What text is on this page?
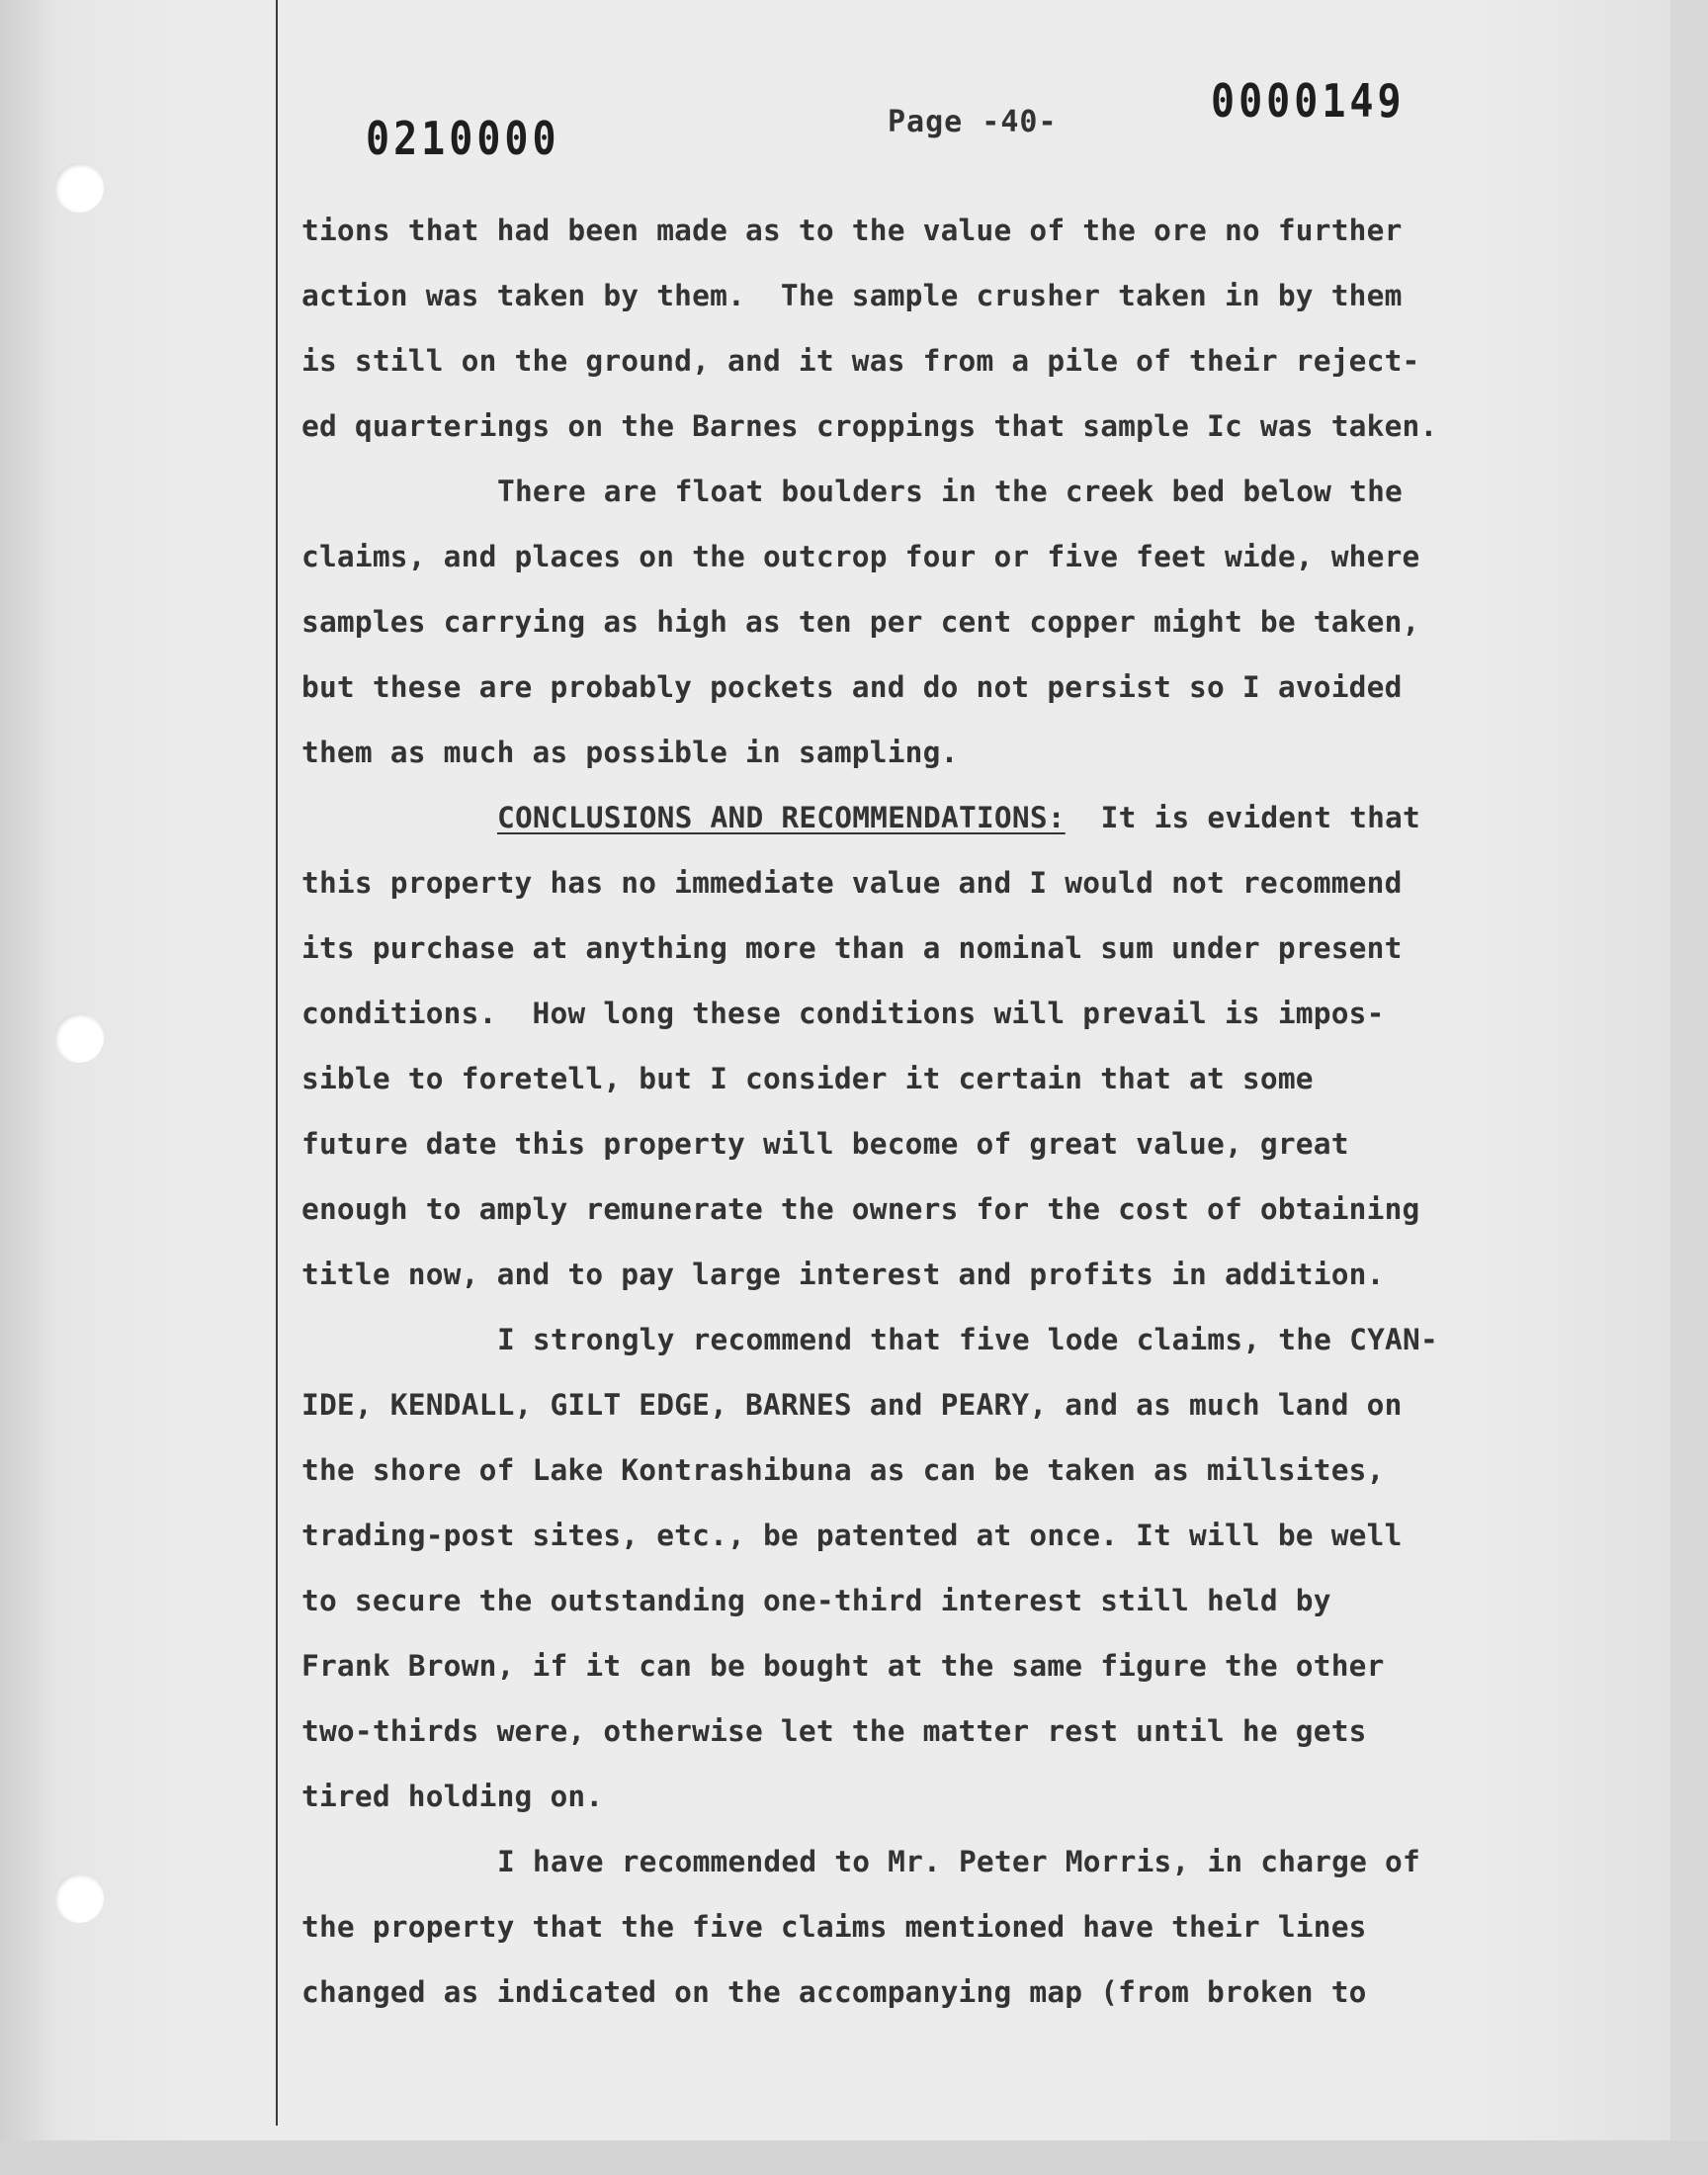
0210000	Page -40-	0000149
tions that had been made as to the value of the ore no further
action was taken by them.  The sample crusher taken in by them
is still on the ground, and it was from a pile of their reject-
ed quarterings on the Barnes croppings that sample Ic was taken.
There are float boulders in the creek bed below the
claims, and places on the outcrop four or five feet wide, where
samples carrying as high as ten per cent copper might be taken,
but these are probably pockets and do not persist so I avoided
them as much as possible in sampling.
CONCLUSIONS AND RECOMMENDATIONS: It is evident that
this property has no immediate value and I would not recommend
its purchase at anything more than a nominal sum under present
conditions.  How long these conditions will prevail is impos-
sible to foretell, but I consider it certain that at some
future date this property will become of great value, great
enough to amply remunerate the owners for the cost of obtaining
title now, and to pay large interest and profits in addition.
I strongly recommend that five lode claims, the CYAN-
IDE, KENDALL, GILT EDGE, BARNES and PEARY, and as much land on
the shore of Lake Kontrashibuna as can be taken as millsites,
trading-post sites, etc., be patented at once. It will be well
to secure the outstanding one-third interest still held by
Frank Brown, if it can be bought at the same figure the other
two-thirds were, otherwise let the matter rest until he gets
tired holding on.
I have recommended to Mr. Peter Morris, in charge of
the property that the five claims mentioned have their lines
changed as indicated on the accompanying map (from broken to
